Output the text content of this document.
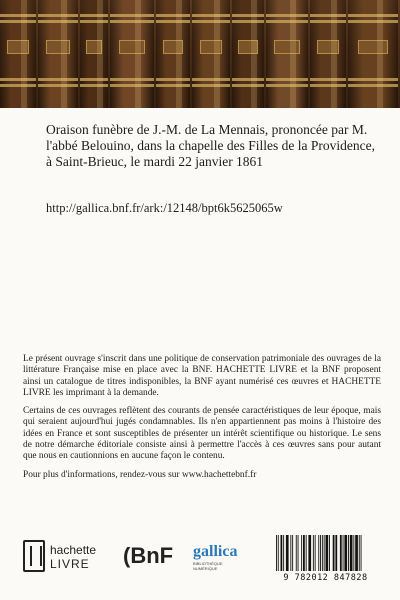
Oraison funèbre de J.-M. de La Mennais, prononcée par M. l'abbé Belouino, dans la chapelle des Filles de la Providence, à Saint-Brieuc, le mardi 22 janvier 1861
http://gallica.bnf.fr/ark:/12148/bpt6k5625065w

Le présent ouvrage s'inscrit dans une politique de conservation patrimoniale des ouvrages de la littérature Française mise en place avec la BNF. HACHETTE LIVRE et la BNF proposent ainsi un catalogue de titres indisponibles, la BNF ayant numérisé ces œuvres et HACHETTE LIVRE les imprimant à la demande.

Certains de ces ouvrages reflètent des courants de pensée caractéristiques de leur époque, mais qui seraient aujourd'hui jugés condamnables. Ils n'en appartiennent pas moins à l'histoire des idées en France et sont susceptibles de présenter un intérêt scientifique ou historique. Le sens de notre démarche éditoriale consiste ainsi à permettre l'accès à ces œuvres sans pour autant que nous en cautionnions en aucune façon le contenu.

Pour plus d'informations, rendez-vous sur www.hachettebnf.fr

hachette
LIVRE (BnF gallica
BIBLIOTHÈQUE NUMÉRIQUE
9 782012 847828
